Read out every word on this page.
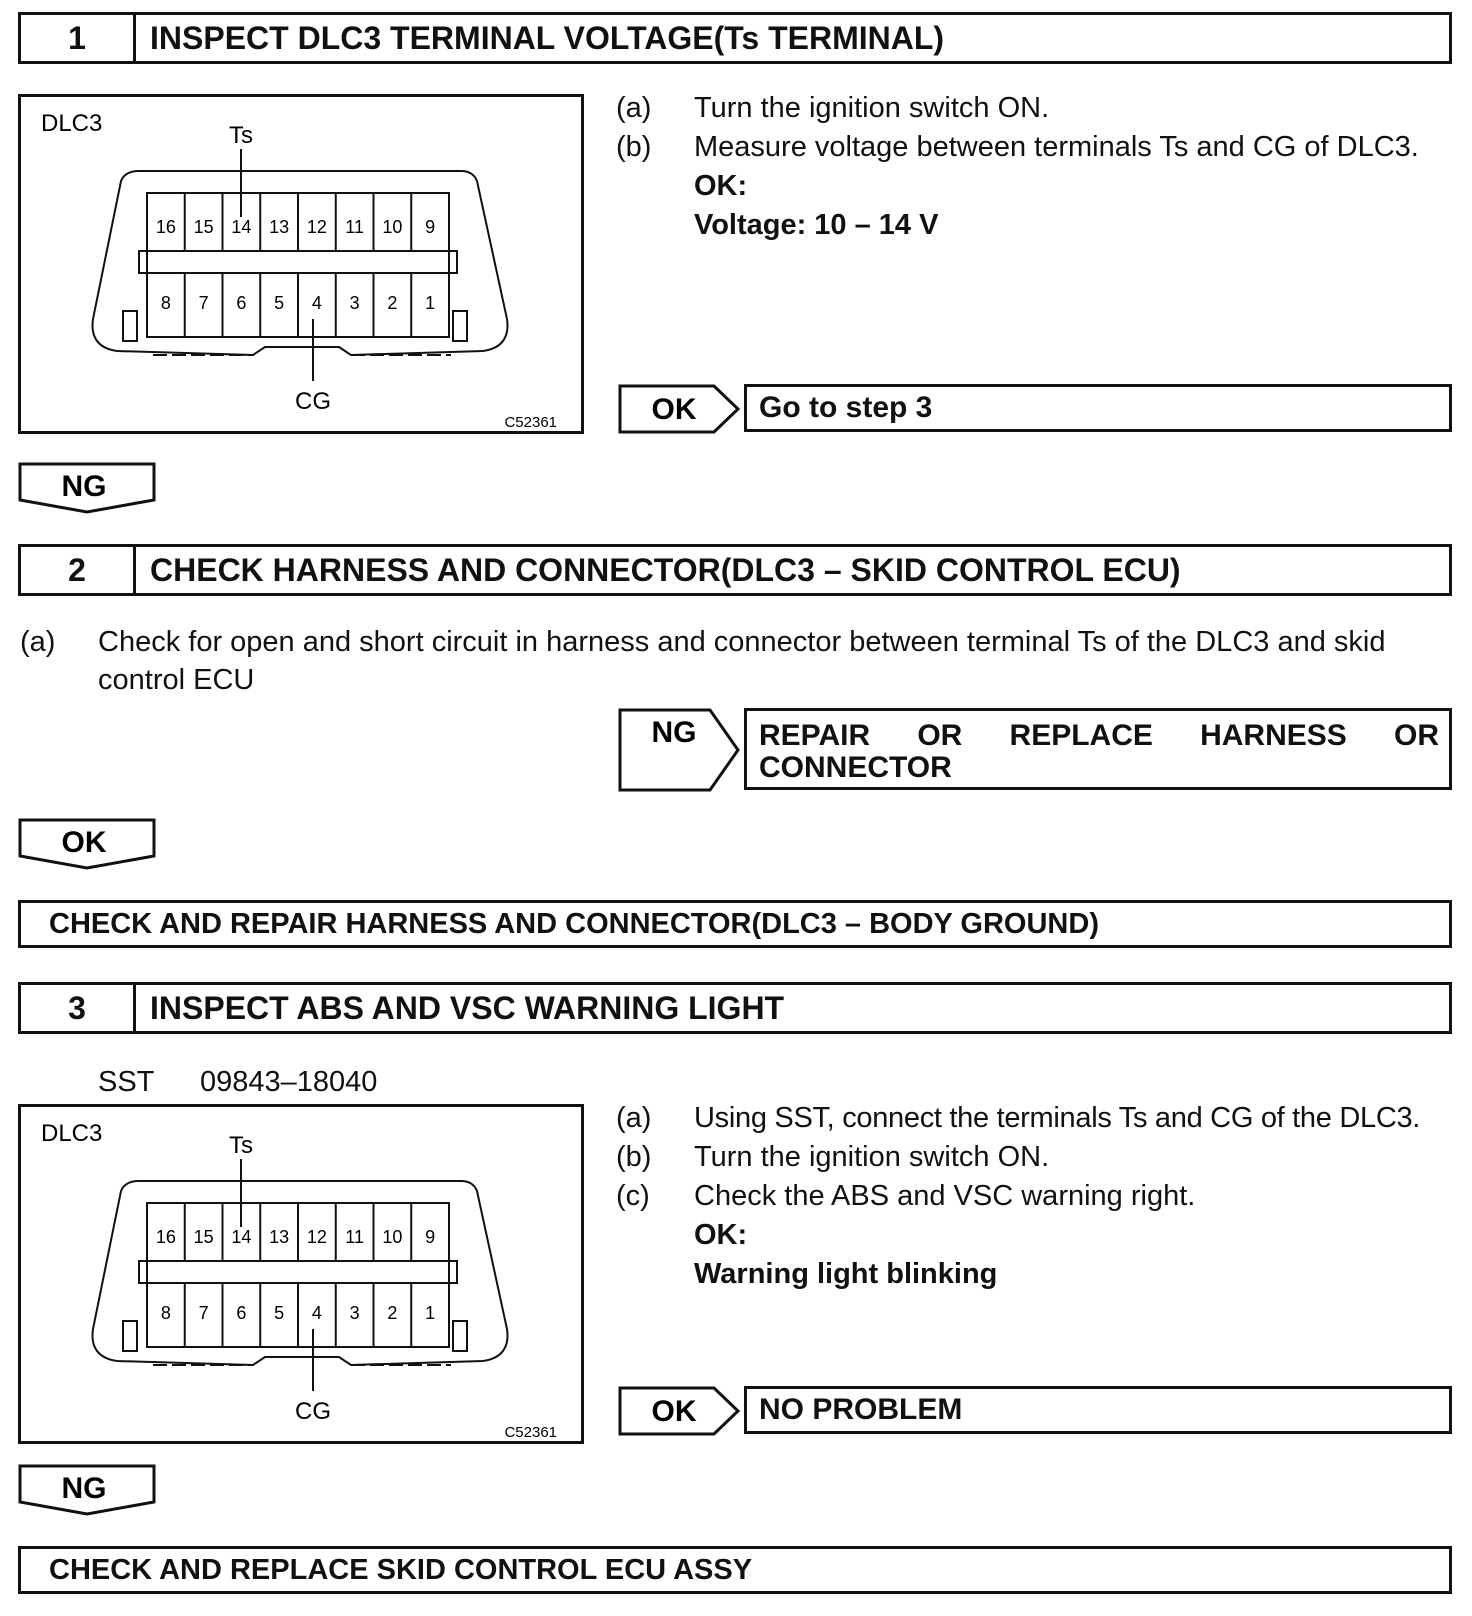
1	INSPECT DLC3 TERMINAL VOLTAGE(Ts TERMINAL)
16 15 14 13 12 11 10 9
8 7 6 5 4 3 2 1
DLC3	Ts
CG
C52361
(a) Turn the ignition switch ON.
(b) Measure voltage between terminals Ts and CG of DLC3.
OK:
Voltage: 10 – 14 V
OK	Go to step 3
NG
2	CHECK HARNESS AND CONNECTOR(DLC3 – SKID CONTROL ECU)
(a) Check for open and short circuit in harness and connector between terminal Ts of the DLC3 and skid
control ECU
NG REPAIR OR REPLACE HARNESS OR
CONNECTOR
OK
CHECK AND REPAIR HARNESS AND CONNECTOR(DLC3 – BODY GROUND)
3	INSPECT ABS AND VSC WARNING LIGHT
SST 09843–18040
16 15 14 13 12 11 10 9
8 7 6 5 4 3 2 1
DLC3	Ts
CG
C52361
(a) Using SST, connect the terminals Ts and CG of the DLC3.
(b) Turn the ignition switch ON.
(c) Check the ABS and VSC warning right.
OK:
Warning light blinking
OK	NO PROBLEM
NG
CHECK AND REPLACE SKID CONTROL ECU ASSY
